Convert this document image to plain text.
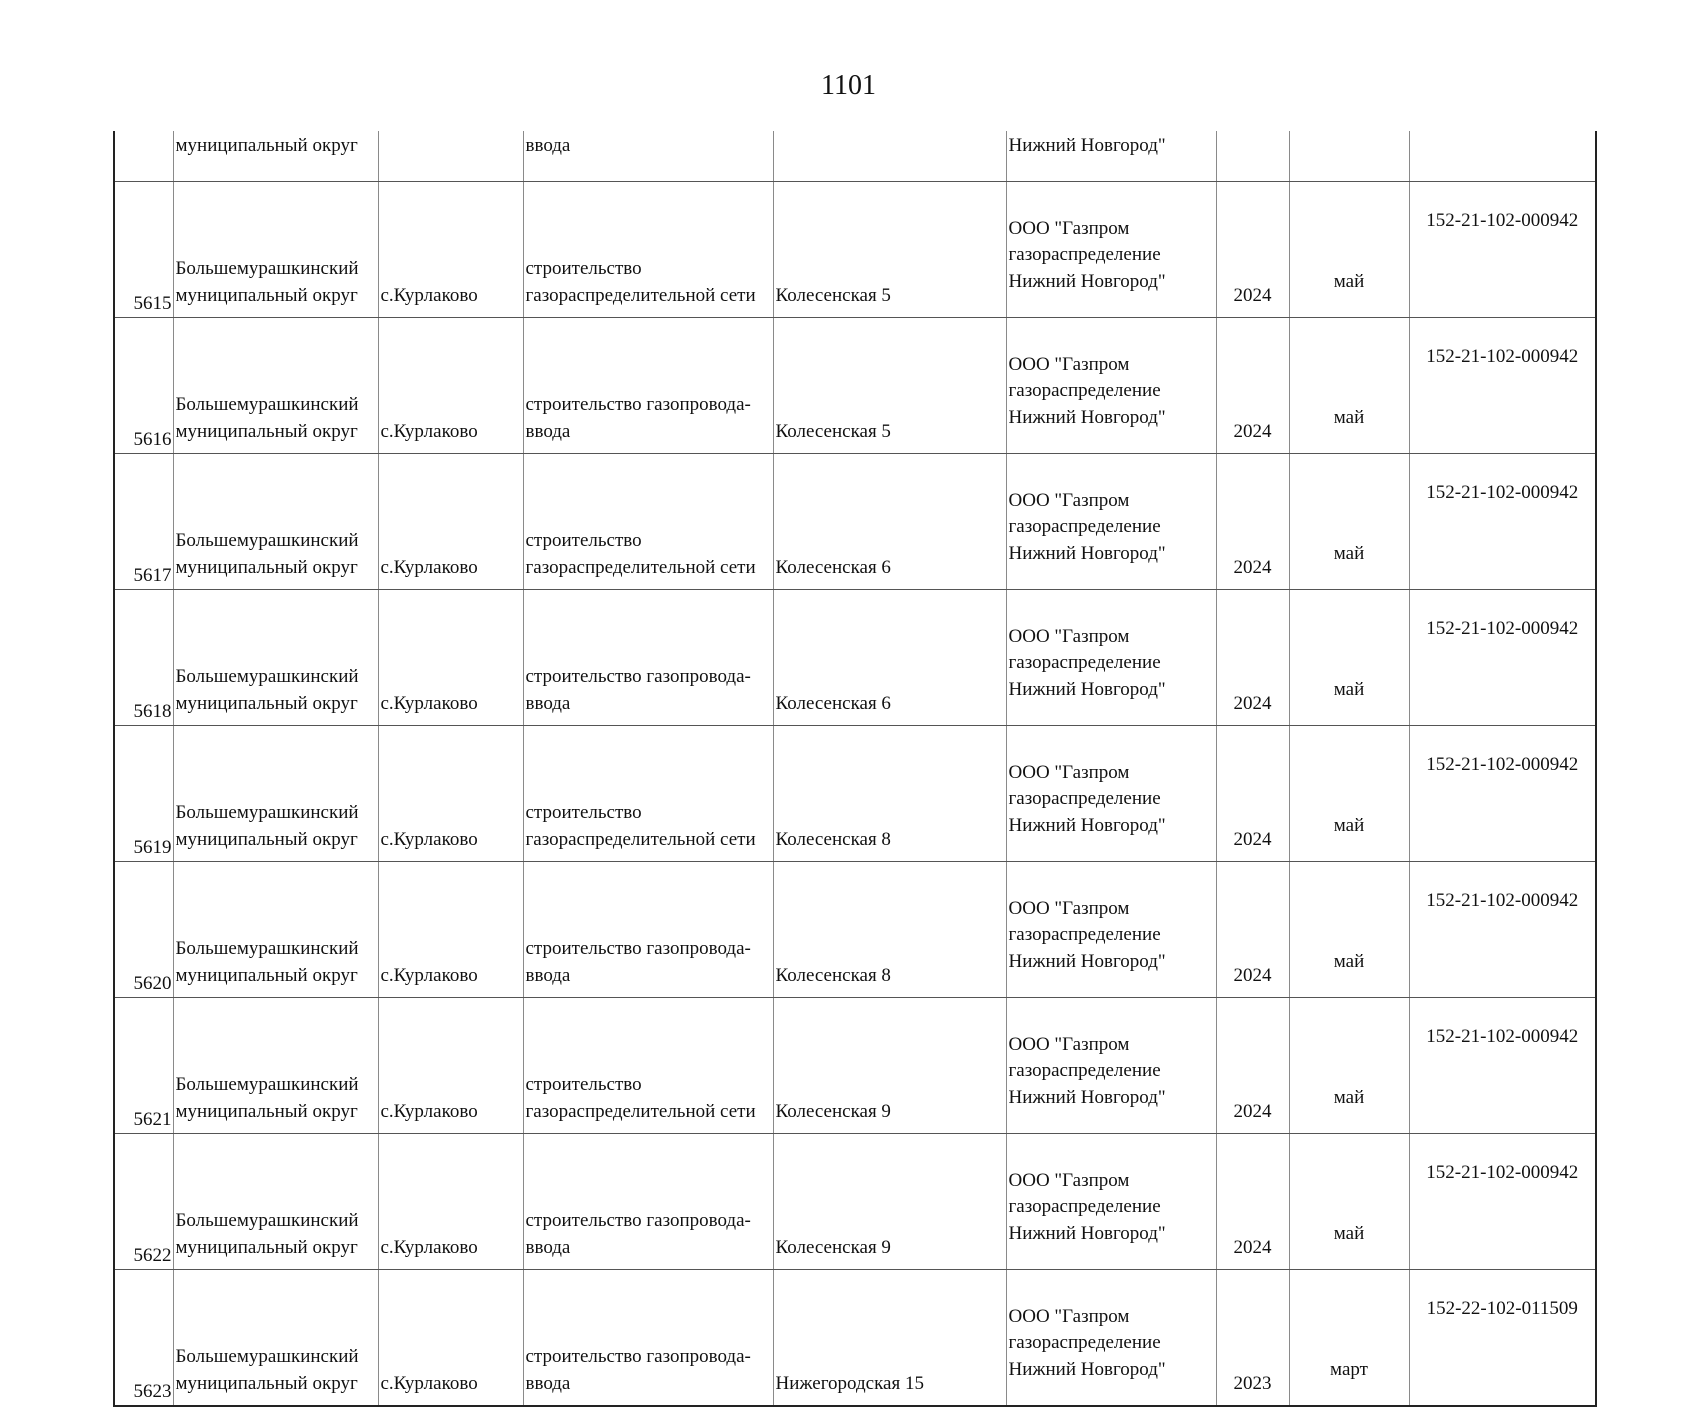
1101
	муниципальный округ		ввода		Нижний Новгород"			
5615	Большемурашкинский
муниципальный округ	с.Курлаково	строительство
газораспределительной сети	Колесенская 5	ООО "Газпром
газораспределение
Нижний Новгород"	2024	май	152-21-102-000942
5616	Большемурашкинский
муниципальный округ	с.Курлаково	строительство газопровода-
ввода	Колесенская 5	ООО "Газпром
газораспределение
Нижний Новгород"	2024	май	152-21-102-000942
5617	Большемурашкинский
муниципальный округ	с.Курлаково	строительство
газораспределительной сети	Колесенская 6	ООО "Газпром
газораспределение
Нижний Новгород"	2024	май	152-21-102-000942
5618	Большемурашкинский
муниципальный округ	с.Курлаково	строительство газопровода-
ввода	Колесенская 6	ООО "Газпром
газораспределение
Нижний Новгород"	2024	май	152-21-102-000942
5619	Большемурашкинский
муниципальный округ	с.Курлаково	строительство
газораспределительной сети	Колесенская 8	ООО "Газпром
газораспределение
Нижний Новгород"	2024	май	152-21-102-000942
5620	Большемурашкинский
муниципальный округ	с.Курлаково	строительство газопровода-
ввода	Колесенская 8	ООО "Газпром
газораспределение
Нижний Новгород"	2024	май	152-21-102-000942
5621	Большемурашкинский
муниципальный округ	с.Курлаково	строительство
газораспределительной сети	Колесенская 9	ООО "Газпром
газораспределение
Нижний Новгород"	2024	май	152-21-102-000942
5622	Большемурашкинский
муниципальный округ	с.Курлаково	строительство газопровода-
ввода	Колесенская 9	ООО "Газпром
газораспределение
Нижний Новгород"	2024	май	152-21-102-000942
5623	Большемурашкинский
муниципальный округ	с.Курлаково	строительство газопровода-
ввода	Нижегородская 15	ООО "Газпром
газораспределение
Нижний Новгород"	2023	март	152-22-102-011509
